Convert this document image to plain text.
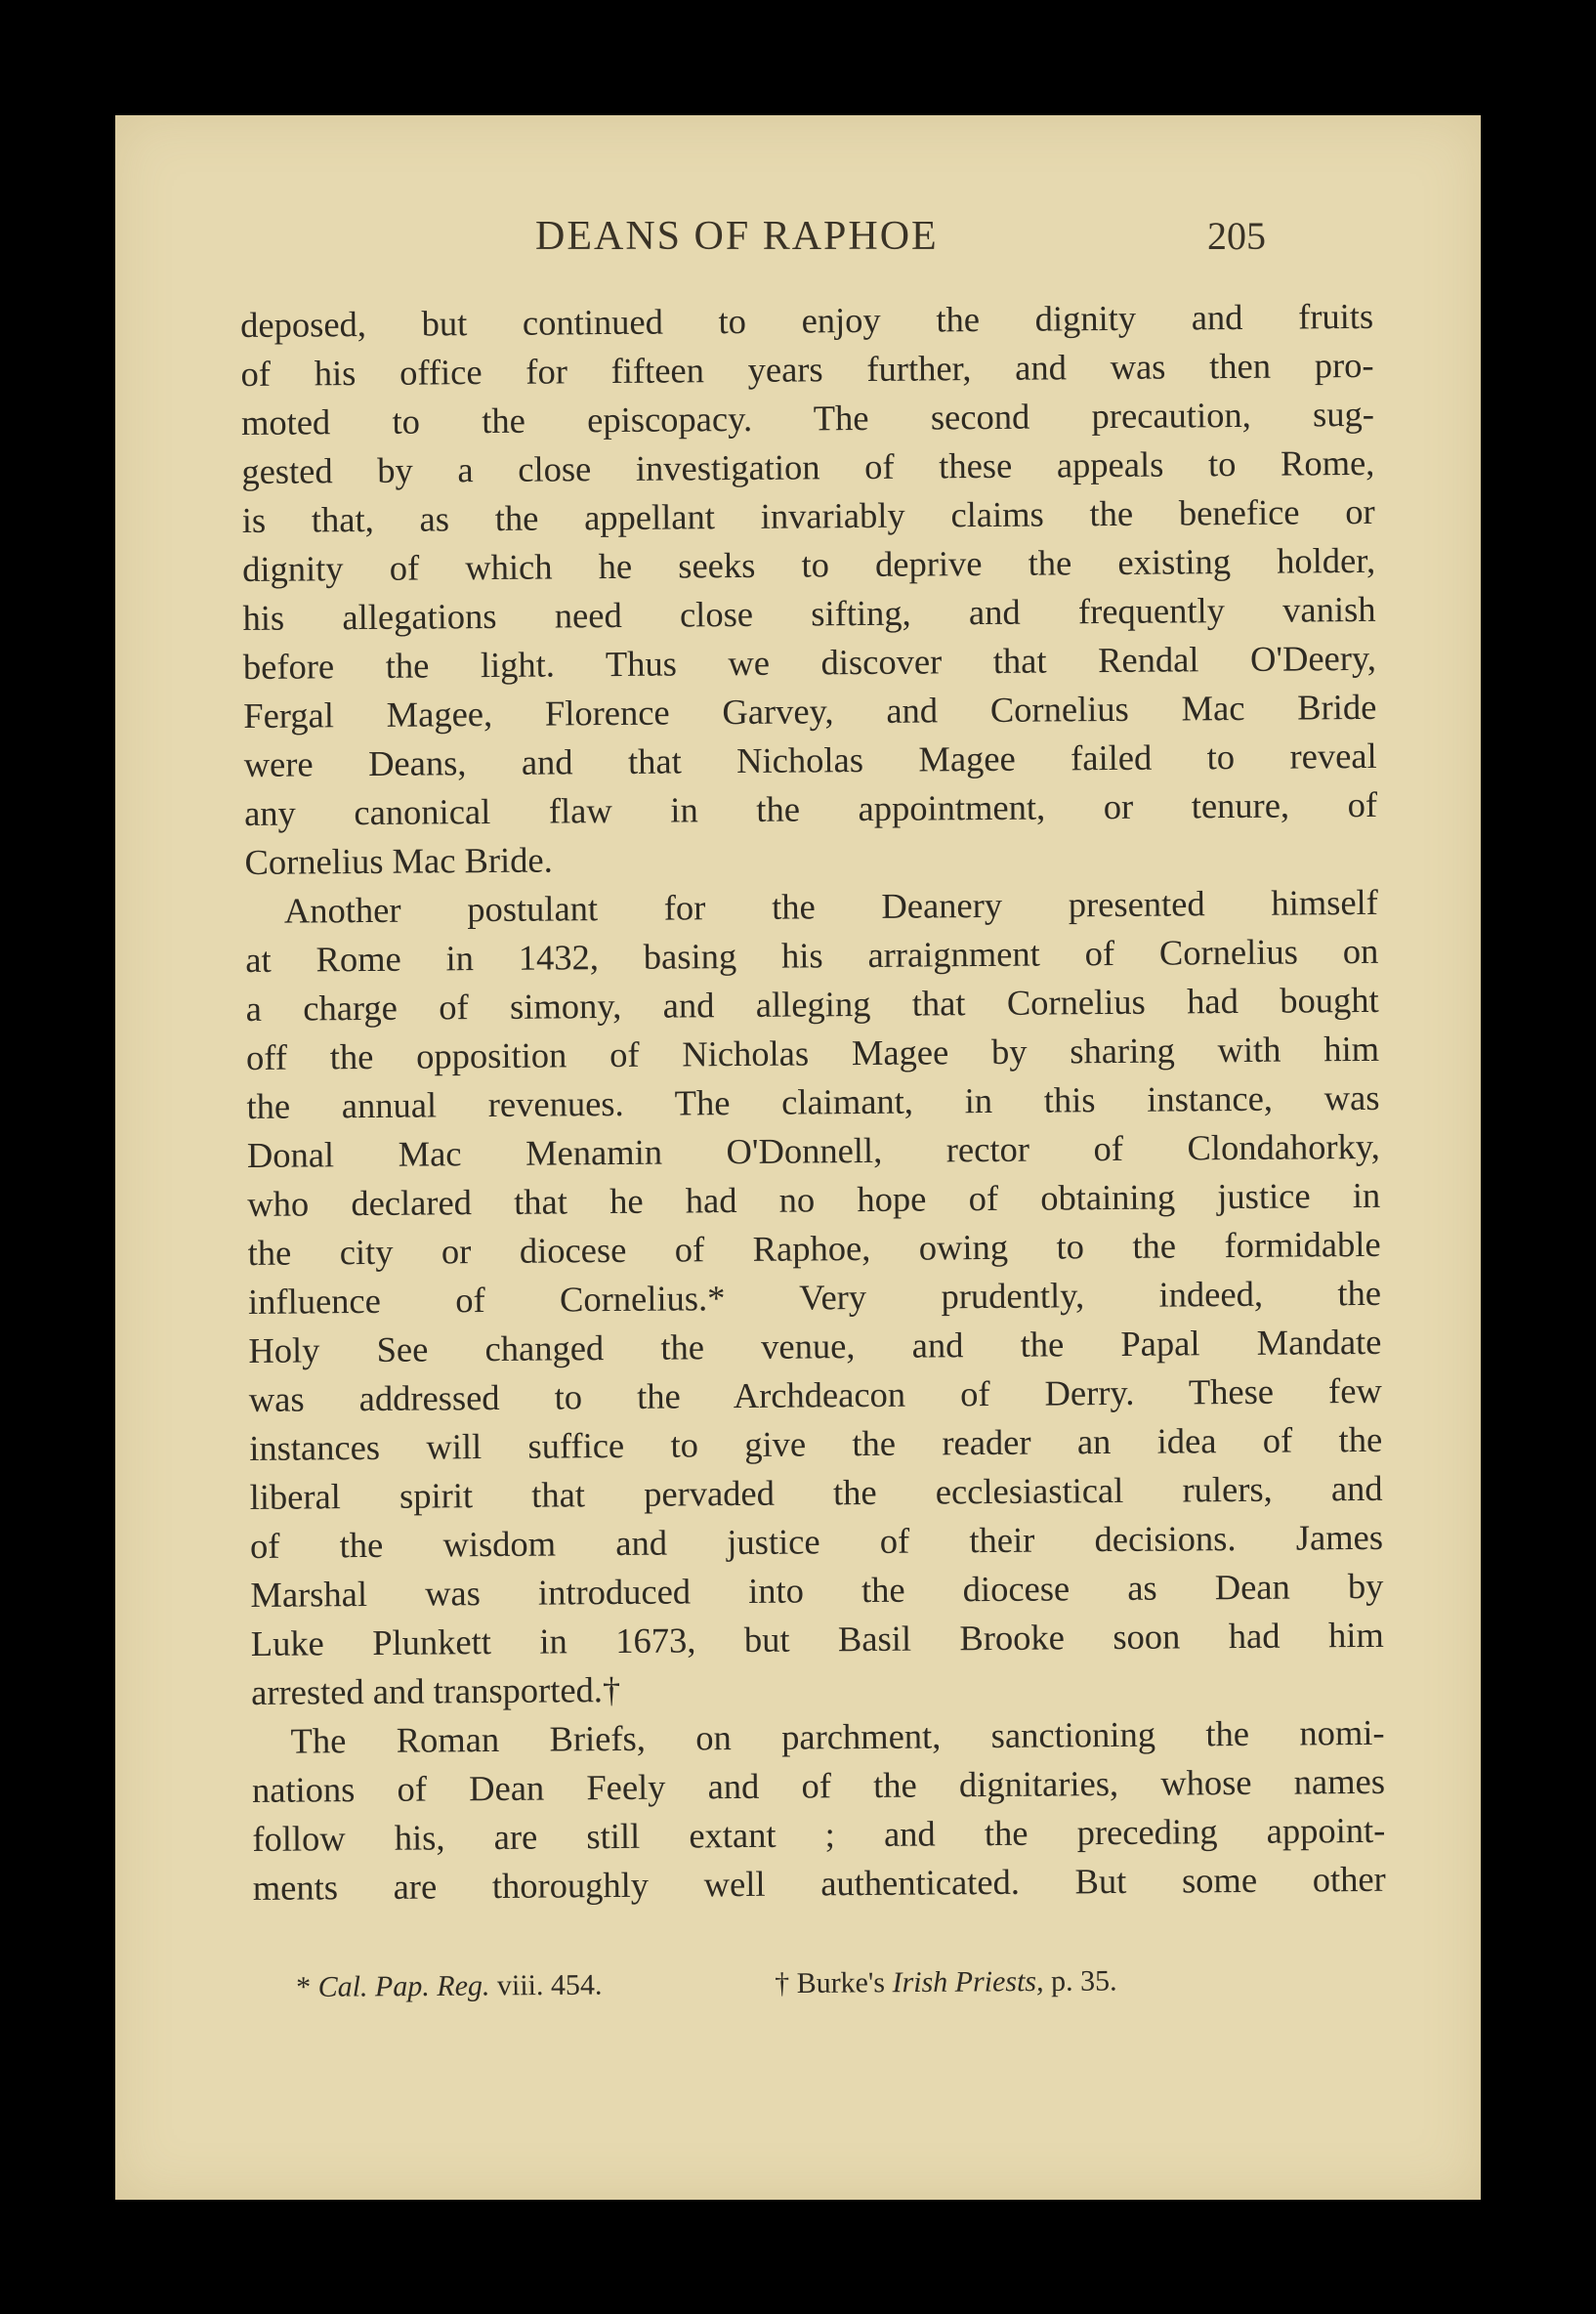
DEANS OF RAPHOE	205
deposed, but continued to enjoy the dignity and fruits
of his office for fifteen years further, and was then pro-
moted to the episcopacy. The second precaution, sug-
gested by a close investigation of these appeals to Rome,
is that, as the appellant invariably claims the benefice or
dignity of which he seeks to deprive the existing holder,
his allegations need close sifting, and frequently vanish
before the light. Thus we discover that Rendal O'Deery,
Fergal Magee, Florence Garvey, and Cornelius Mac Bride
were Deans, and that Nicholas Magee failed to reveal
any canonical flaw in the appointment, or tenure, of
Cornelius Mac Bride.
Another postulant for the Deanery presented himself
at Rome in 1432, basing his arraignment of Cornelius on
a charge of simony, and alleging that Cornelius had bought
off the opposition of Nicholas Magee by sharing with him
the annual revenues. The claimant, in this instance, was
Donal Mac Menamin O'Donnell, rector of Clondahorky,
who declared that he had no hope of obtaining justice in
the city or diocese of Raphoe, owing to the formidable
influence of Cornelius.* Very prudently, indeed, the
Holy See changed the venue, and the Papal Mandate
was addressed to the Archdeacon of Derry. These few
instances will suffice to give the reader an idea of the
liberal spirit that pervaded the ecclesiastical rulers, and
of the wisdom and justice of their decisions. James
Marshal was introduced into the diocese as Dean by
Luke Plunkett in 1673, but Basil Brooke soon had him
arrested and transported.†
The Roman Briefs, on parchment, sanctioning the nomi-
nations of Dean Feely and of the dignitaries, whose names
follow his, are still extant ; and the preceding appoint-
ments are thoroughly well authenticated. But some other
* Cal. Pap. Reg. viii. 454.	† Burke's Irish Priests, p. 35.
